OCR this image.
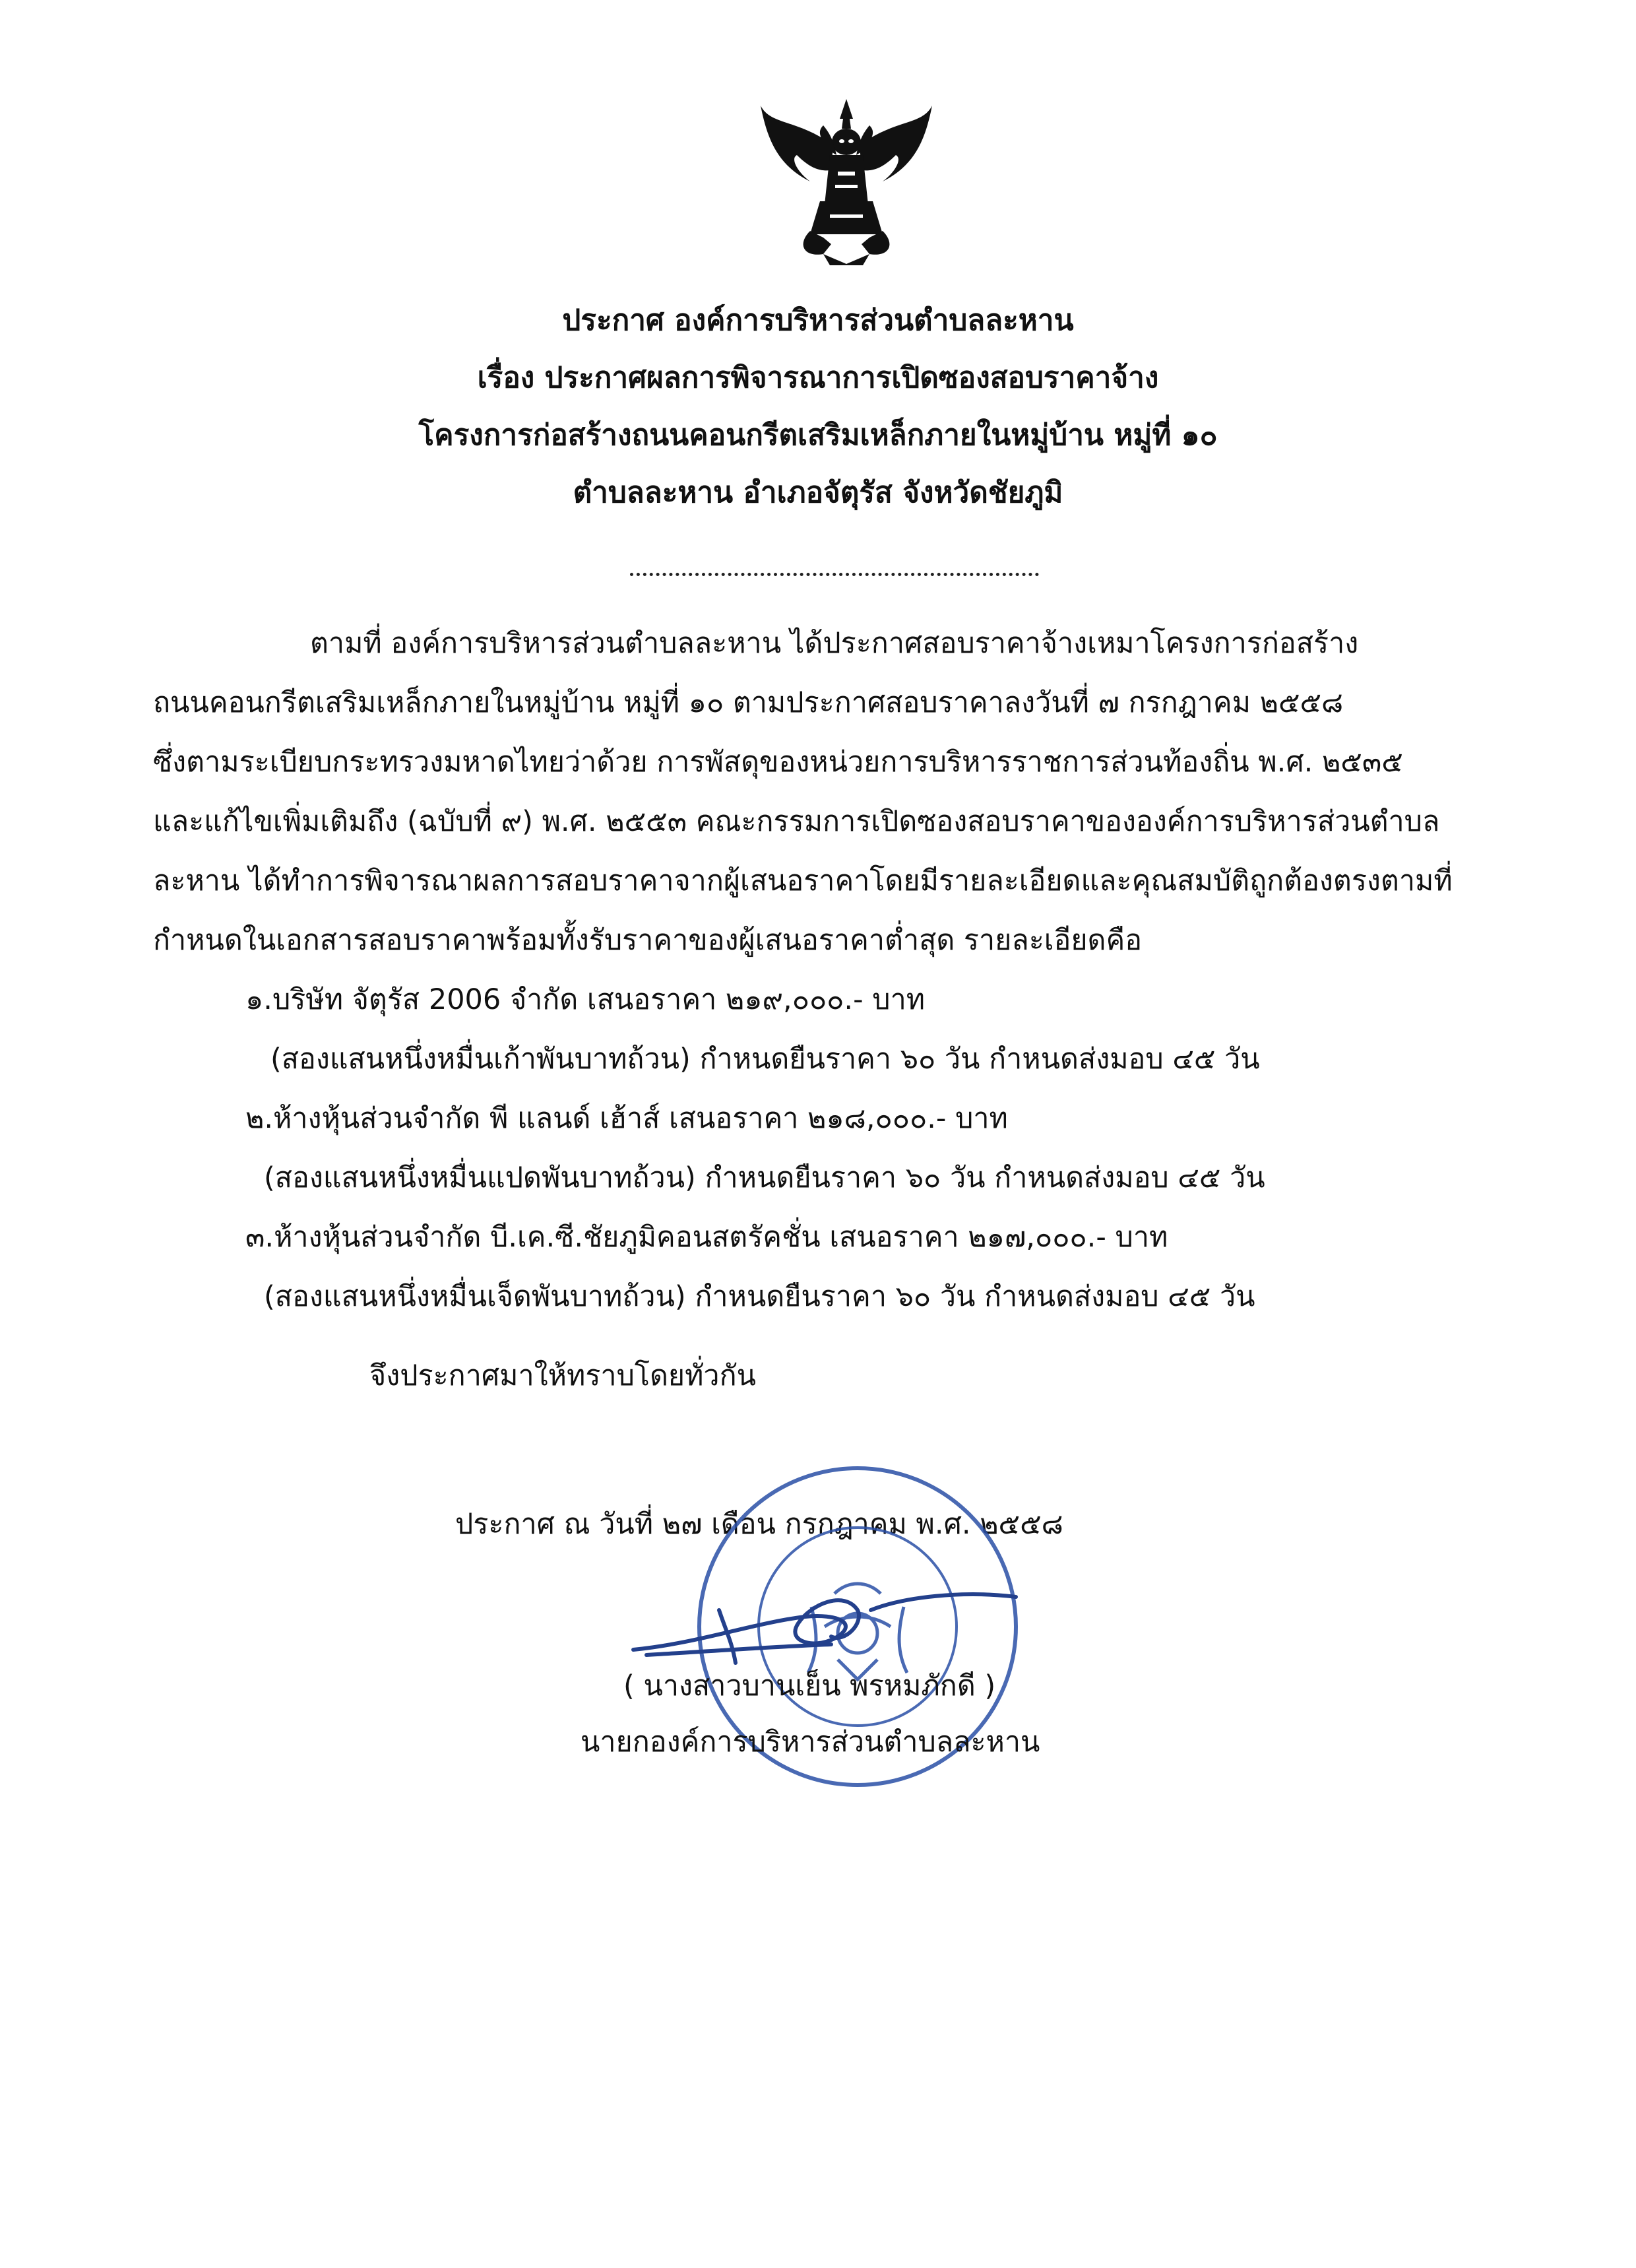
ประกาศ องค์การบริหารส่วนตำบลละหาน
เรื่อง ประกาศผลการพิจารณาการเปิดซองสอบราคาจ้าง
โครงการก่อสร้างถนนคอนกรีตเสริมเหล็กภายในหมู่บ้าน หมู่ที่ ๑๐
ตำบลละหาน อำเภอจัตุรัส จังหวัดชัยภูมิ
ตามที่ องค์การบริหารส่วนตำบลละหาน ได้ประกาศสอบราคาจ้างเหมาโครงการก่อสร้าง
ถนนคอนกรีตเสริมเหล็กภายในหมู่บ้าน หมู่ที่ ๑๐ ตามประกาศสอบราคาลงวันที่ ๗ กรกฎาคม ๒๕๕๘
ซึ่งตามระเบียบกระทรวงมหาดไทยว่าด้วย การพัสดุของหน่วยการบริหารราชการส่วนท้องถิ่น พ.ศ. ๒๕๓๕
และแก้ไขเพิ่มเติมถึง (ฉบับที่ ๙) พ.ศ. ๒๕๕๓ คณะกรรมการเปิดซองสอบราคาขององค์การบริหารส่วนตำบล
ละหาน ได้ทำการพิจารณาผลการสอบราคาจากผู้เสนอราคาโดยมีรายละเอียดและคุณสมบัติถูกต้องตรงตามที่
กำหนดในเอกสารสอบราคาพร้อมทั้งรับราคาของผู้เสนอราคาต่ำสุด รายละเอียดคือ
๑.บริษัท จัตุรัส 2006 จำกัด เสนอราคา ๒๑๙,๐๐๐.- บาท
(สองแสนหนึ่งหมื่นเก้าพันบาทถ้วน) กำหนดยืนราคา ๖๐ วัน กำหนดส่งมอบ ๔๕ วัน
๒.ห้างหุ้นส่วนจำกัด พี แลนด์ เฮ้าส์ เสนอราคา ๒๑๘,๐๐๐.- บาท
(สองแสนหนึ่งหมื่นแปดพันบาทถ้วน) กำหนดยืนราคา ๖๐ วัน กำหนดส่งมอบ ๔๕ วัน
๓.ห้างหุ้นส่วนจำกัด บี.เค.ซี.ชัยภูมิคอนสตรัคชั่น เสนอราคา ๒๑๗,๐๐๐.- บาท
(สองแสนหนึ่งหมื่นเจ็ดพันบาทถ้วน) กำหนดยืนราคา ๖๐ วัน กำหนดส่งมอบ ๔๕ วัน
จึงประกาศมาให้ทราบโดยทั่วกัน
ประกาศ ณ วันที่ ๒๗ เดือน กรกฎาคม พ.ศ. ๒๕๕๘
( นางสาวบานเย็น พรหมภักดี )
นายกองค์การบริหารส่วนตำบลละหาน
